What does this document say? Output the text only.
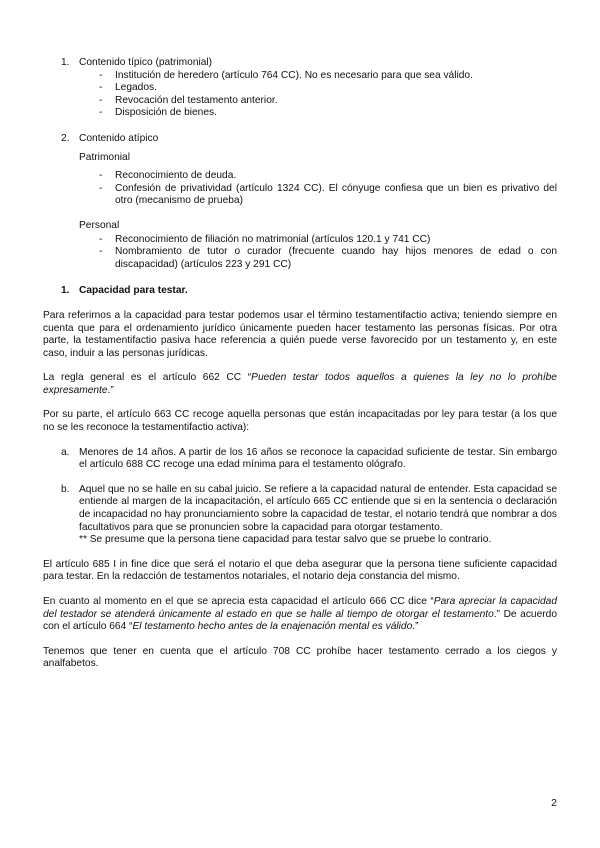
1. Contenido típico (patrimonial)
- Institución de heredero (artículo 764 CC). No es necesario para que sea válido.
- Legados.
- Revocación del testamento anterior.
- Disposición de bienes.
2. Contenido atípico
Patrimonial
- Reconocimiento de deuda.
- Confesión de privatividad (artículo 1324 CC). El cónyuge confiesa que un bien es privativo del otro (mecanismo de prueba)
Personal
- Reconocimiento de filiación no matrimonial (artículos 120.1 y 741 CC)
- Nombramiento de tutor o curador (frecuente cuando hay hijos menores de edad o con discapacidad) (artículos 223 y 291 CC)
1. Capacidad para testar.

Para referirnos a la capacidad para testar podemos usar el término testamentifactio activa; teniendo siempre en cuenta que para el ordenamiento jurídico únicamente pueden hacer testamento las personas físicas. Por otra parte, la testamentifactio pasiva hace referencia a quién puede verse favorecido por un testamento y, en este caso, induir a las personas jurídicas.

La regla general es el artículo 662 CC “Pueden testar todos aquellos a quienes la ley no lo prohíbe expresamente.”

Por su parte, el artículo 663 CC recoge aquella personas que están incapacitadas por ley para testar (a los que no se les reconoce la testamentifactio activa):

a. Menores de 14 años. A partir de los 16 años se reconoce la capacidad suficiente de testar. Sin embargo el artículo 688 CC recoge una edad mínima para el testamento ológrafo.
b. Aquel que no se halle en su cabal juicio. Se refiere a la capacidad natural de entender. Esta capacidad se entiende al margen de la incapacitación, el artículo 665 CC entiende que si en la sentencia o declaración de incapacidad no hay pronunciamiento sobre la capacidad de testar, el notario tendrá que nombrar a dos facultativos para que se pronuncien sobre la capacidad para otorgar testamento.
** Se presume que la persona tiene capacidad para testar salvo que se pruebe lo contrario.

El artículo 685 I in fine dice que será el notario el que deba asegurar que la persona tiene suficiente capacidad para testar. En la redacción de testamentos notariales, el notario deja constancia del mismo.

En cuanto al momento en el que se aprecia esta capacidad el artículo 666 CC dice “Para apreciar la capacidad del testador se atenderá únicamente al estado en que se halle al tiempo de otorgar el testamento.” De acuerdo con el artículo 664 “El testamento hecho antes de la enajenación mental es válido.”

Tenemos que tener en cuenta que el artículo 708 CC prohíbe hacer testamento cerrado a los ciegos y analfabetos.

2
